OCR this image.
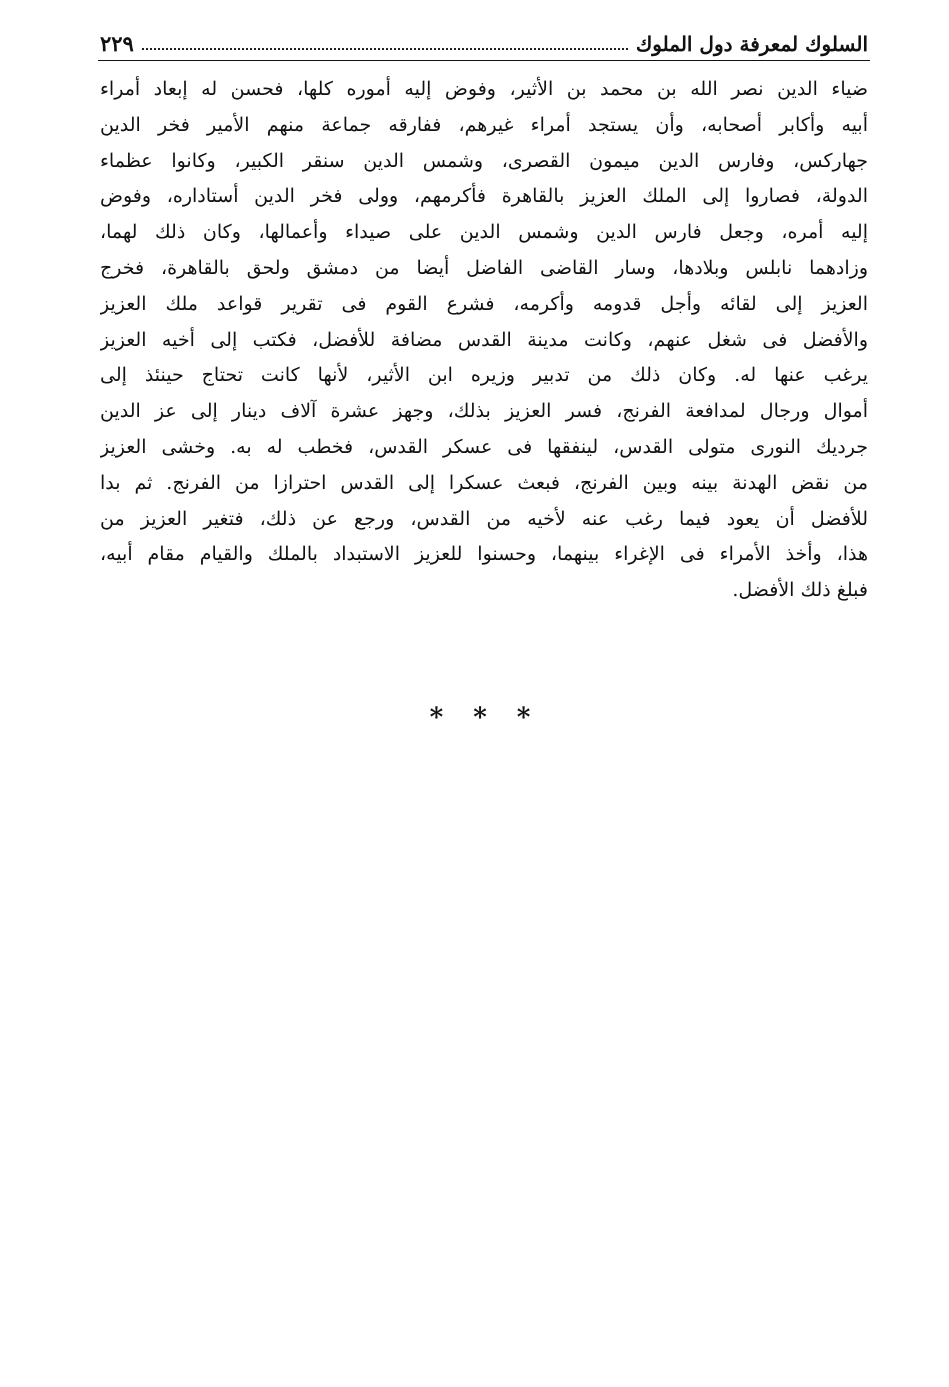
السلوك لمعرفة دول الملوك
٢٢٩
ضياء الدين نصر الله بن محمد بن الأثير، وفوض إليه أموره كلها، فحسن له إبعاد أمراء
أبيه وأكابر أصحابه، وأن يستجد أمراء غيرهم، ففارقه جماعة منهم الأمير فخر الدين
جهاركس، وفارس الدين ميمون القصرى، وشمس الدين سنقر الكبير، وكانوا عظماء
الدولة، فصاروا إلى الملك العزيز بالقاهرة فأكرمهم، وولى فخر الدين أستاداره، وفوض
إليه أمره، وجعل فارس الدين وشمس الدين على صيداء وأعمالها، وكان ذلك لهما،
وزادهما نابلس وبلادها، وسار القاضى الفاضل أيضا من دمشق ولحق بالقاهرة، فخرج
العزيز إلى لقائه وأجل قدومه وأكرمه، فشرع القوم فى تقرير قواعد ملك العزيز
والأفضل فى شغل عنهم، وكانت مدينة القدس مضافة للأفضل، فكتب إلى أخيه العزيز
يرغب عنها له. وكان ذلك من تدبير وزيره ابن الأثير، لأنها كانت تحتاج حينئذ إلى
أموال ورجال لمدافعة الفرنج، فسر العزيز بذلك، وجهز عشرة آلاف دينار إلى عز الدين
جرديك النورى متولى القدس، لينفقها فى عسكر القدس، فخطب له به. وخشى العزيز
من نقض الهدنة بينه وبين الفرنج، فبعث عسكرا إلى القدس احترازا من الفرنج. ثم بدا
للأفضل أن يعود فيما رغب عنه لأخيه من القدس، ورجع عن ذلك، فتغير العزيز من
هذا، وأخذ الأمراء فى الإغراء بينهما، وحسنوا للعزيز الاستبداد بالملك والقيام مقام أبيه،
فبلغ ذلك الأفضل.
* * *
